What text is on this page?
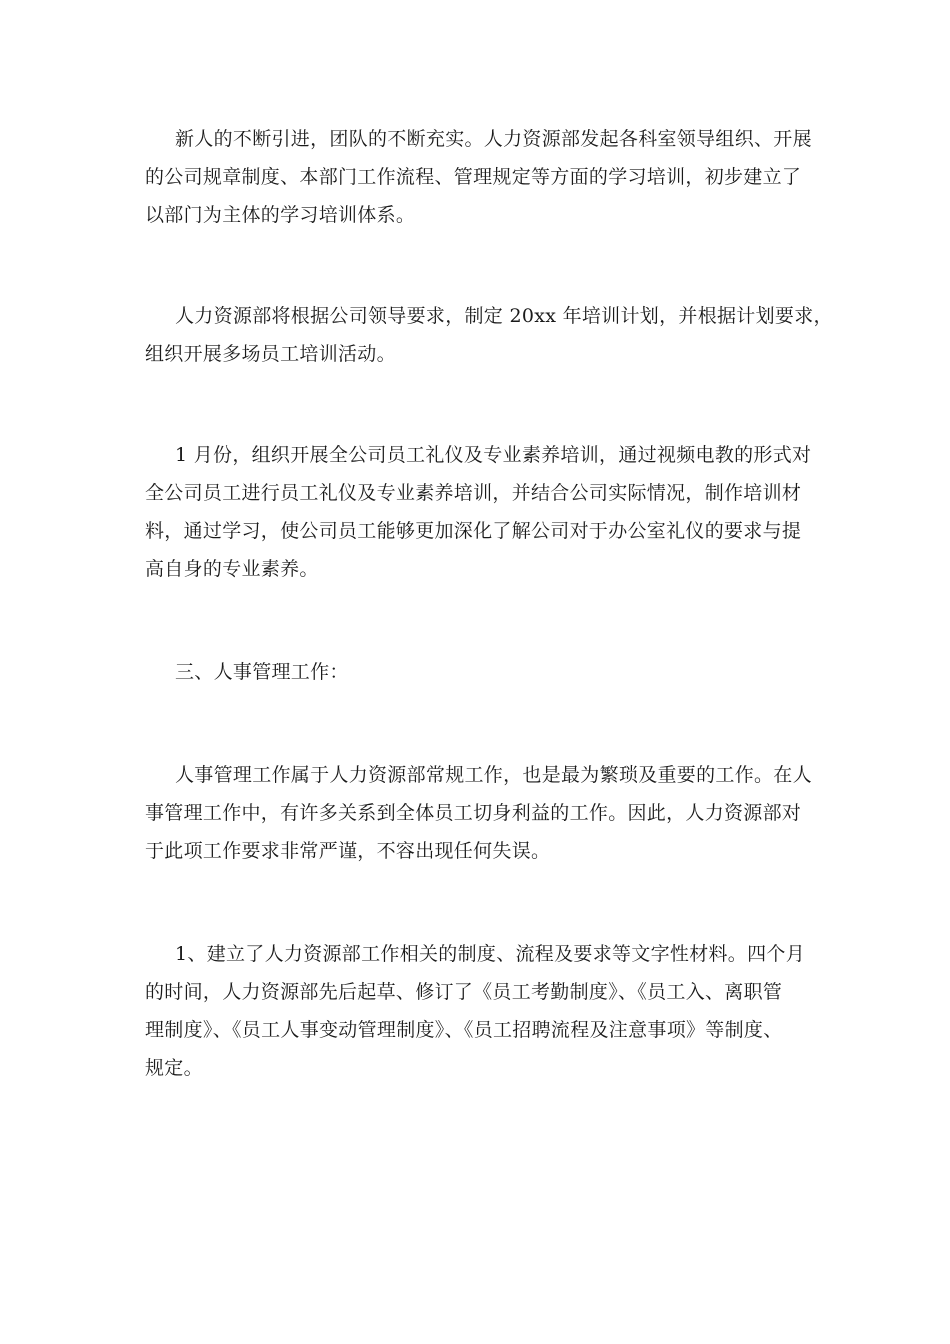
新人的不断引进，团队的不断充实。人力资源部发起各科室领导组织、开展
的公司规章制度、本部门工作流程、管理规定等方面的学习培训，初步建立了
以部门为主体的学习培训体系。
人力资源部将根据公司领导要求，制定 20xx 年培训计划，并根据计划要求，
组织开展多场员工培训活动。
1 月份，组织开展全公司员工礼仪及专业素养培训，通过视频电教的形式对
全公司员工进行员工礼仪及专业素养培训，并结合公司实际情况，制作培训材
料，通过学习，使公司员工能够更加深化了解公司对于办公室礼仪的要求与提
高自身的专业素养。
三、人事管理工作：
人事管理工作属于人力资源部常规工作，也是最为繁琐及重要的工作。在人
事管理工作中，有许多关系到全体员工切身利益的工作。因此，人力资源部对
于此项工作要求非常严谨，不容出现任何失误。
1、建立了人力资源部工作相关的制度、流程及要求等文字性材料。四个月
的时间，人力资源部先后起草、修订了《员工考勤制度》、《员工入、离职管
理制度》、《员工人事变动管理制度》、《员工招聘流程及注意事项》等制度、
规定。
